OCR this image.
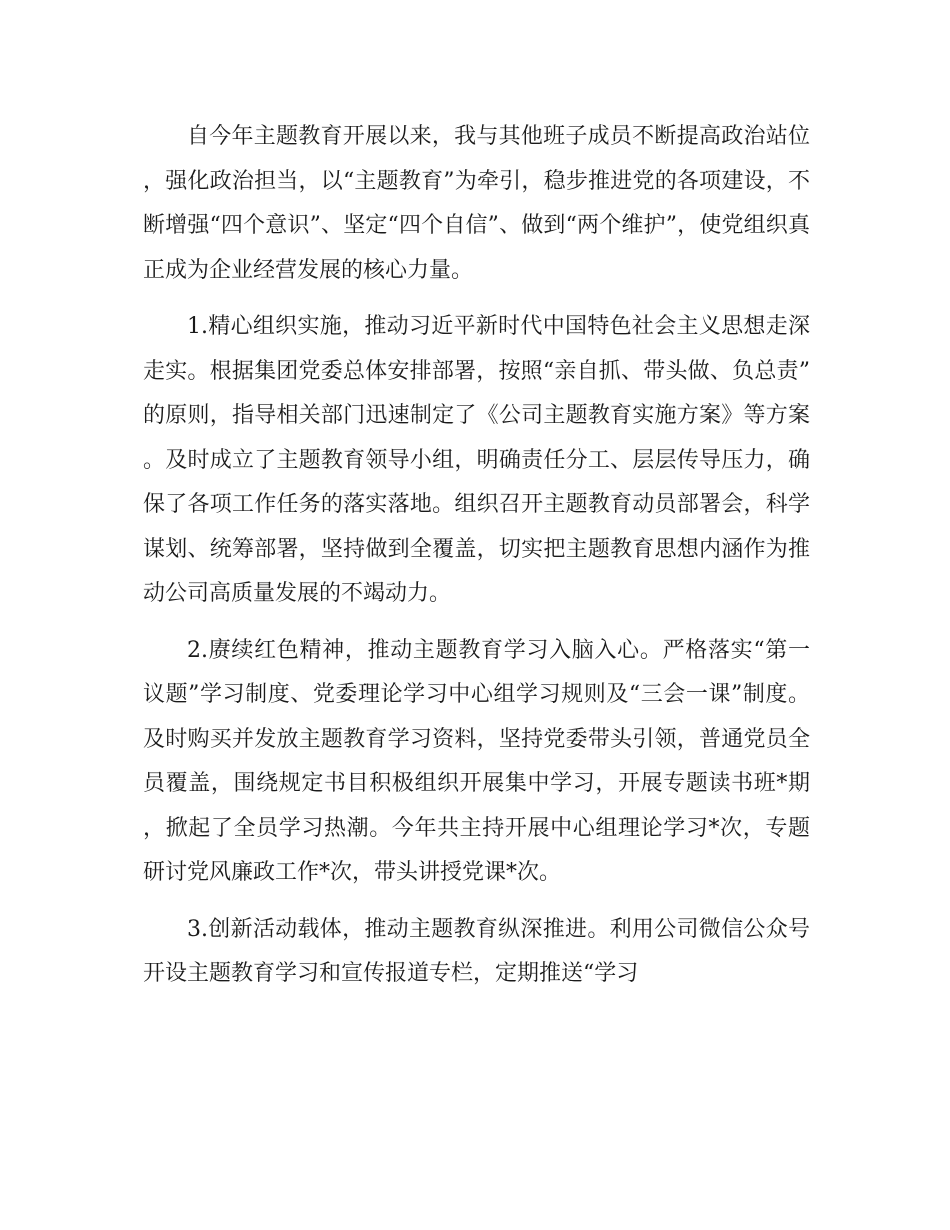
自今年主题教育开展以来，我与其他班子成员不断提高政治站位，强化政治担当，以“主题教育”为牵引，稳步推进党的各项建设，不断增强“四个意识”、坚定“四个自信”、做到“两个维护”，使党组织真正成为企业经营发展的核心力量。

1.精心组织实施，推动习近平新时代中国特色社会主义思想走深走实。根据集团党委总体安排部署，按照“亲自抓、带头做、负总责”的原则，指导相关部门迅速制定了《公司主题教育实施方案》等方案。及时成立了主题教育领导小组，明确责任分工、层层传导压力，确保了各项工作任务的落实落地。组织召开主题教育动员部署会，科学谋划、统筹部署，坚持做到全覆盖，切实把主题教育思想内涵作为推动公司高质量发展的不竭动力。

2.赓续红色精神，推动主题教育学习入脑入心。严格落实“第一议题”学习制度、党委理论学习中心组学习规则及“三会一课”制度。及时购买并发放主题教育学习资料，坚持党委带头引领，普通党员全员覆盖，围绕规定书目积极组织开展集中学习，开展专题读书班*期，掀起了全员学习热潮。今年共主持开展中心组理论学习*次，专题研讨党风廉政工作*次，带头讲授党课*次。

3.创新活动载体，推动主题教育纵深推进。利用公司微信公众号开设主题教育学习和宣传报道专栏，定期推送“学习
